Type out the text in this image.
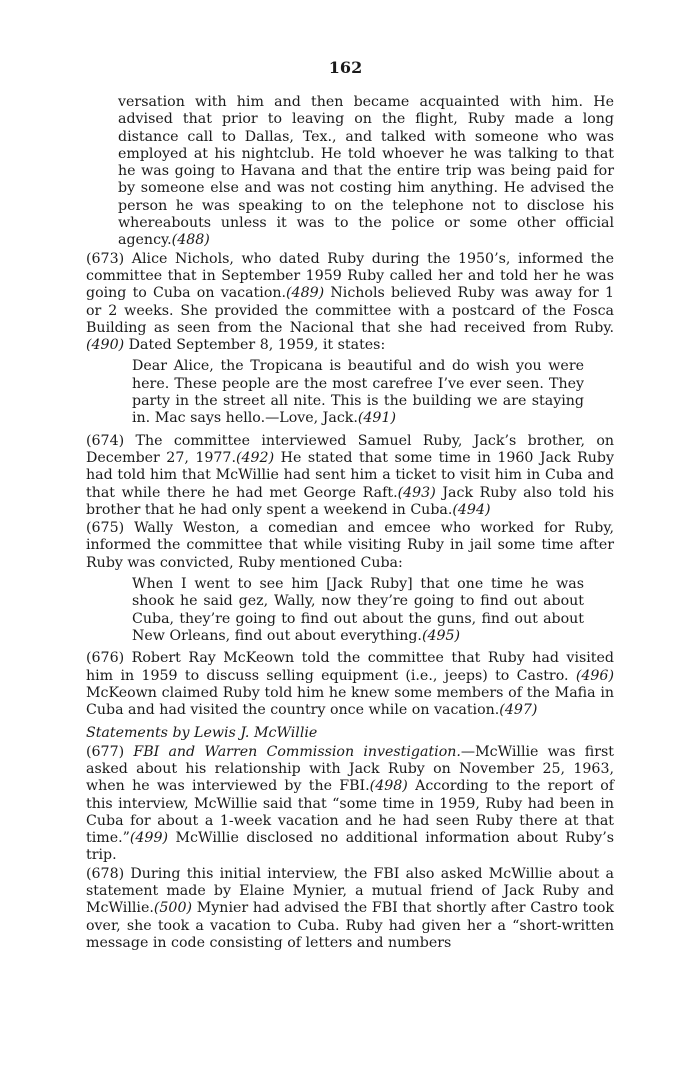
162

versation with him and then became acquainted with him. He advised that prior to leaving on the flight, Ruby made a long distance call to Dallas, Tex., and talked with someone who was employed at his nightclub. He told whoever he was talking to that he was going to Havana and that the entire trip was being paid for by someone else and was not costing him anything. He advised the person he was speaking to on the telephone not to disclose his whereabouts unless it was to the police or some other official agency.(488)

(673) Alice Nichols, who dated Ruby during the 1950’s, informed the committee that in September 1959 Ruby called her and told her he was going to Cuba on vacation.(489) Nichols believed Ruby was away for 1 or 2 weeks. She provided the committee with a postcard of the Fosca Building as seen from the Nacional that she had received from Ruby.(490) Dated September 8, 1959, it states:

Dear Alice, the Tropicana is beautiful and do wish you were here. These people are the most carefree I’ve ever seen. They party in the street all nite. This is the building we are staying in. Mac says hello.—Love, Jack.(491)

(674) The committee interviewed Samuel Ruby, Jack’s brother, on December 27, 1977.(492) He stated that some time in 1960 Jack Ruby had told him that McWillie had sent him a ticket to visit him in Cuba and that while there he had met George Raft.(493) Jack Ruby also told his brother that he had only spent a weekend in Cuba.(494)

(675) Wally Weston, a comedian and emcee who worked for Ruby, informed the committee that while visiting Ruby in jail some time after Ruby was convicted, Ruby mentioned Cuba:

When I went to see him [Jack Ruby] that one time he was shook he said gez, Wally, now they’re going to find out about Cuba, they’re going to find out about the guns, find out about New Orleans, find out about everything.(495)

(676) Robert Ray McKeown told the committee that Ruby had visited him in 1959 to discuss selling equipment (i.e., jeeps) to Castro. (496) McKeown claimed Ruby told him he knew some members of the Mafia in Cuba and had visited the country once while on vacation.(497)

Statements by Lewis J. McWillie

(677) FBI and Warren Commission investigation.—McWillie was first asked about his relationship with Jack Ruby on November 25, 1963, when he was interviewed by the FBI.(498) According to the report of this interview, McWillie said that “some time in 1959, Ruby had been in Cuba for about a 1-week vacation and he had seen Ruby there at that time.”(499) McWillie disclosed no additional information about Ruby’s trip.

(678) During this initial interview, the FBI also asked McWillie about a statement made by Elaine Mynier, a mutual friend of Jack Ruby and McWillie.(500) Mynier had advised the FBI that shortly after Castro took over, she took a vacation to Cuba. Ruby had given her a “short-written message in code consisting of letters and numbers
